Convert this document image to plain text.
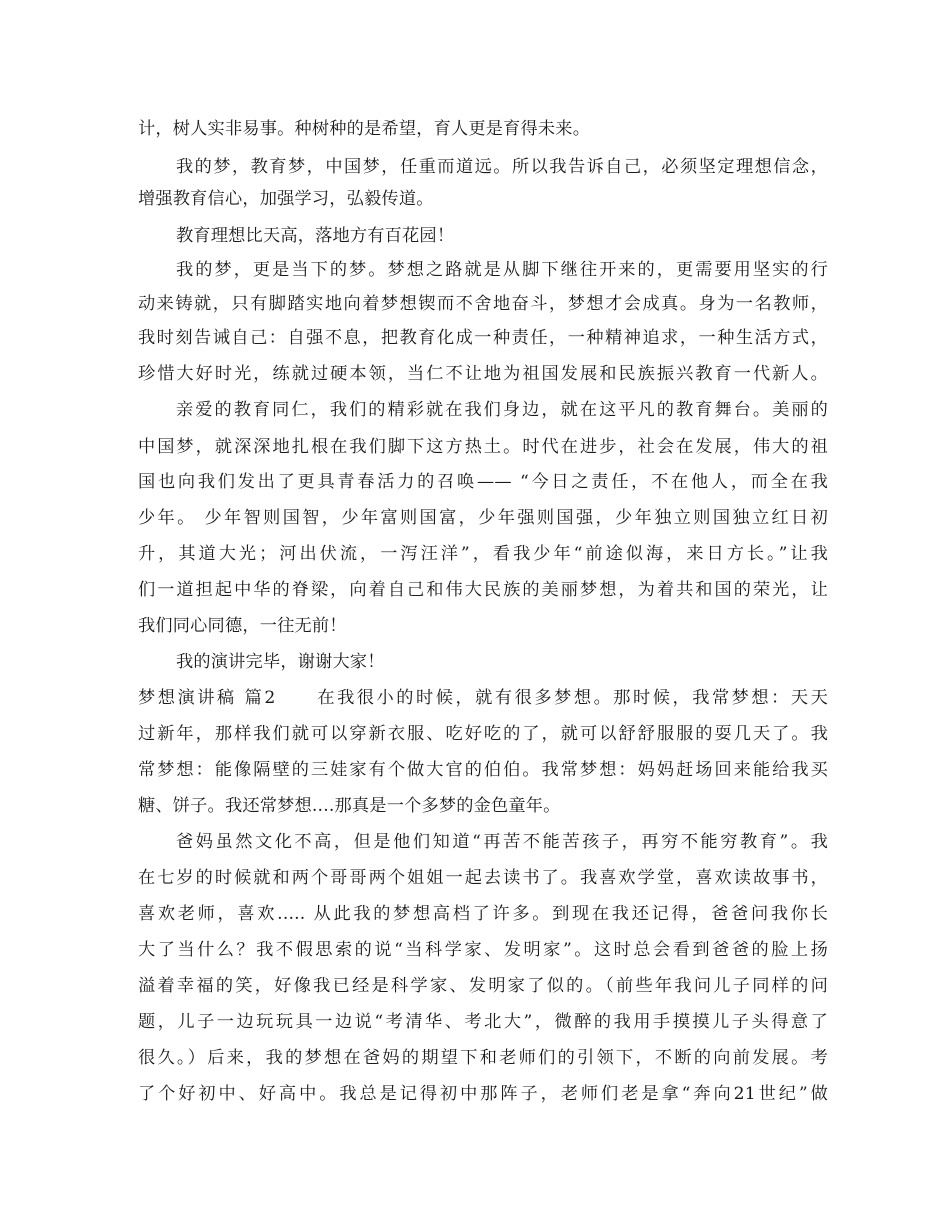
计，树人实非易事。种树种的是希望，育人更是育得未来。
我的梦，教育梦，中国梦，任重而道远。所以我告诉自己，必须坚定理想信念，
增强教育信心，加强学习，弘毅传道。
教育理想比天高，落地方有百花园！
我的梦，更是当下的梦。梦想之路就是从脚下继往开来的，更需要用坚实的行
动来铸就，只有脚踏实地向着梦想锲而不舍地奋斗，梦想才会成真。身为一名教师，
我时刻告诫自己：自强不息，把教育化成一种责任，一种精神追求，一种生活方式，
珍惜大好时光，练就过硬本领，当仁不让地为祖国发展和民族振兴教育一代新人。
亲爱的教育同仁，我们的精彩就在我们身边，就在这平凡的教育舞台。美丽的
中国梦，就深深地扎根在我们脚下这方热土。时代在进步，社会在发展，伟大的祖
国也向我们发出了更具青春活力的召唤—— “今日之责任，不在他人，而全在我
少年。 少年智则国智，少年富则国富，少年强则国强，少年独立则国独立红日初
升，其道大光；河出伏流，一泻汪洋”，看我少年“前途似海，来日方长。”让我
们一道担起中华的脊梁，向着自己和伟大民族的美丽梦想，为着共和国的荣光，让
我们同心同德，一往无前！
我的演讲完毕，谢谢大家！
梦想演讲稿 篇2　　在我很小的时候，就有很多梦想。那时候，我常梦想：天天
过新年，那样我们就可以穿新衣服、吃好吃的了，就可以舒舒服服的耍几天了。我
常梦想：能像隔壁的三娃家有个做大官的伯伯。我常梦想：妈妈赶场回来能给我买
糖、饼子。我还常梦想....那真是一个多梦的金色童年。
爸妈虽然文化不高，但是他们知道“再苦不能苦孩子，再穷不能穷教育”。我
在七岁的时候就和两个哥哥两个姐姐一起去读书了。我喜欢学堂，喜欢读故事书，
喜欢老师，喜欢..... 从此我的梦想高档了许多。到现在我还记得，爸爸问我你长
大了当什么？我不假思索的说“当科学家、发明家”。这时总会看到爸爸的脸上扬
溢着幸福的笑，好像我已经是科学家、发明家了似的。（前些年我问儿子同样的问
题，儿子一边玩玩具一边说“考清华、考北大”，微醉的我用手摸摸儿子头得意了
很久。）后来，我的梦想在爸妈的期望下和老师们的引领下，不断的向前发展。考
了个好初中、好高中。我总是记得初中那阵子，老师们老是拿“奔向21世纪”做
